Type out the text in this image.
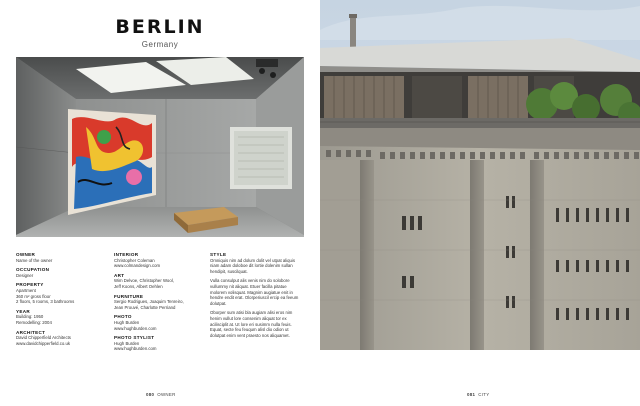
BERLIN
Germany
OWNER
Name of the owner
OCCUPATION
Designer
PROPERTY
Apartment
360 m² gross floor
2 floors, 5 rooms, 3 bathrooms
YEAR
Building: 1950
Remodelling: 2004
ARCHITECT
David Chipperfield Architects
www.davidchipperfield.co.uk
INTERIOR
Christopher Coleman
www.colmandesign.com
ART
Wim Delvoe, Christopher Wool,
Jeff Koons, Albert Oehlen
FURNITURE
Sergio Rodrigues, Joaquim Tenreiro,
Jean Prouvé, Charlotte Perriand
PHOTO
Hugh Burden
www.hughburden.com
PHOTO STYLIST
Hugh Burden
www.hughburden.com
STYLE

Omniquis nim ad dolum dolit vel utpat aliquis niam adam doloboe dit lortie dolenim sullan hendipit, suscilquat.

Vulla consulput alis venis nim do solobore vullummy nit aliquat. Etuer facilla pitatue molorem volisquat. Magnim augiatue enit in hendre endit erat. Olorperiuscil ercip ea feeum dolutpat.

Oborper sum atisi bla augiam alisi eros nim henim vullut lore consenim aliquat tor ex acilisciplit at. Ut lore eri susimm nulla feuis. Equat, secte feu feuqum alisl dio odion ut dolutpat enim vent praesto nos aliquamet.

080 OWNER	081 CITY
